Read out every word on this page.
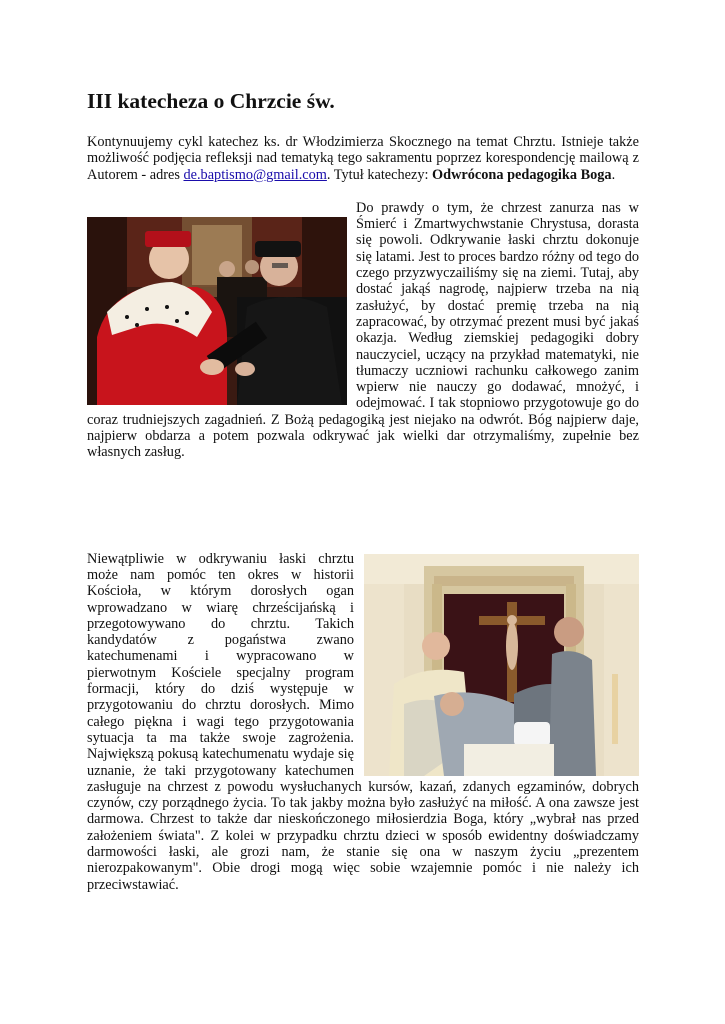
III katecheza o Chrzcie św.

Kontynuujemy cykl katechez ks. dr Włodzimierza Skocznego na temat Chrztu. Istnieje także możliwość podjęcia refleksji nad tematyką tego sakramentu poprzez korespondencję mailową z Autorem - adres de.baptismo@gmail.com. Tytuł katechezy: Odwrócona pedagogika Boga.

Do prawdy o tym, że chrzest zanurza nas w Śmierć i Zmartwychwstanie Chrystusa, dorasta się powoli. Odkrywanie łaski chrztu dokonuje się latami. Jest to proces bardzo różny od tego do czego przyzwyczailiśmy się na ziemi. Tutaj, aby dostać jakąś nagrodę, najpierw trzeba na nią zasłużyć, by dostać premię trzeba na nią zapracować, by otrzymać prezent musi być jakaś okazja. Według ziemskiej pedagogiki dobry nauczyciel, uczący na przykład matematyki, nie tłumaczy uczniowi rachunku całkowego zanim wpierw nie nauczy go dodawać, mnożyć, i odejmować. I tak stopniowo przygotowuje go do coraz trudniejszych zagadnień. Z Bożą pedagogiką jest niejako na odwrót. Bóg najpierw daje, najpierw obdarza a potem pozwala odkrywać jak wielki dar otrzymaliśmy, zupełnie bez własnych zasług.

Niewątpliwie w odkrywaniu łaski chrztu może nam pomóc ten okres w historii Kościoła, w którym dorosłych ogan wprowadzano w wiarę chrześcijańską i przegotowywano do chrztu. Takich kandydatów z pogaństwa zwano katechumenami i wypracowano w pierwotnym Kościele specjalny program formacji, który do dziś występuje w przygotowaniu do chrztu dorosłych. Mimo całego piękna i wagi tego przygotowania sytuacja ta ma także swoje zagrożenia. Największą pokusą katechumenatu wydaje się uznanie, że taki przygotowany katechumen zasługuje na chrzest z powodu wysłuchanych kursów, kazań, zdanych egzaminów, dobrych czynów, czy porządnego życia. To tak jakby można było zasłużyć na miłość. A ona zawsze jest darmowa. Chrzest to także dar nieskończonego miłosierdzia Boga, który „wybrał nas przed założeniem świata". Z kolei w przypadku chrztu dzieci w sposób ewidentny doświadczamy darmowości łaski, ale grozi nam, że stanie się ona w naszym życiu „prezentem nierozpakowanym". Obie drogi mogą więc sobie wzajemnie pomóc i nie należy ich przeciwstawiać.
